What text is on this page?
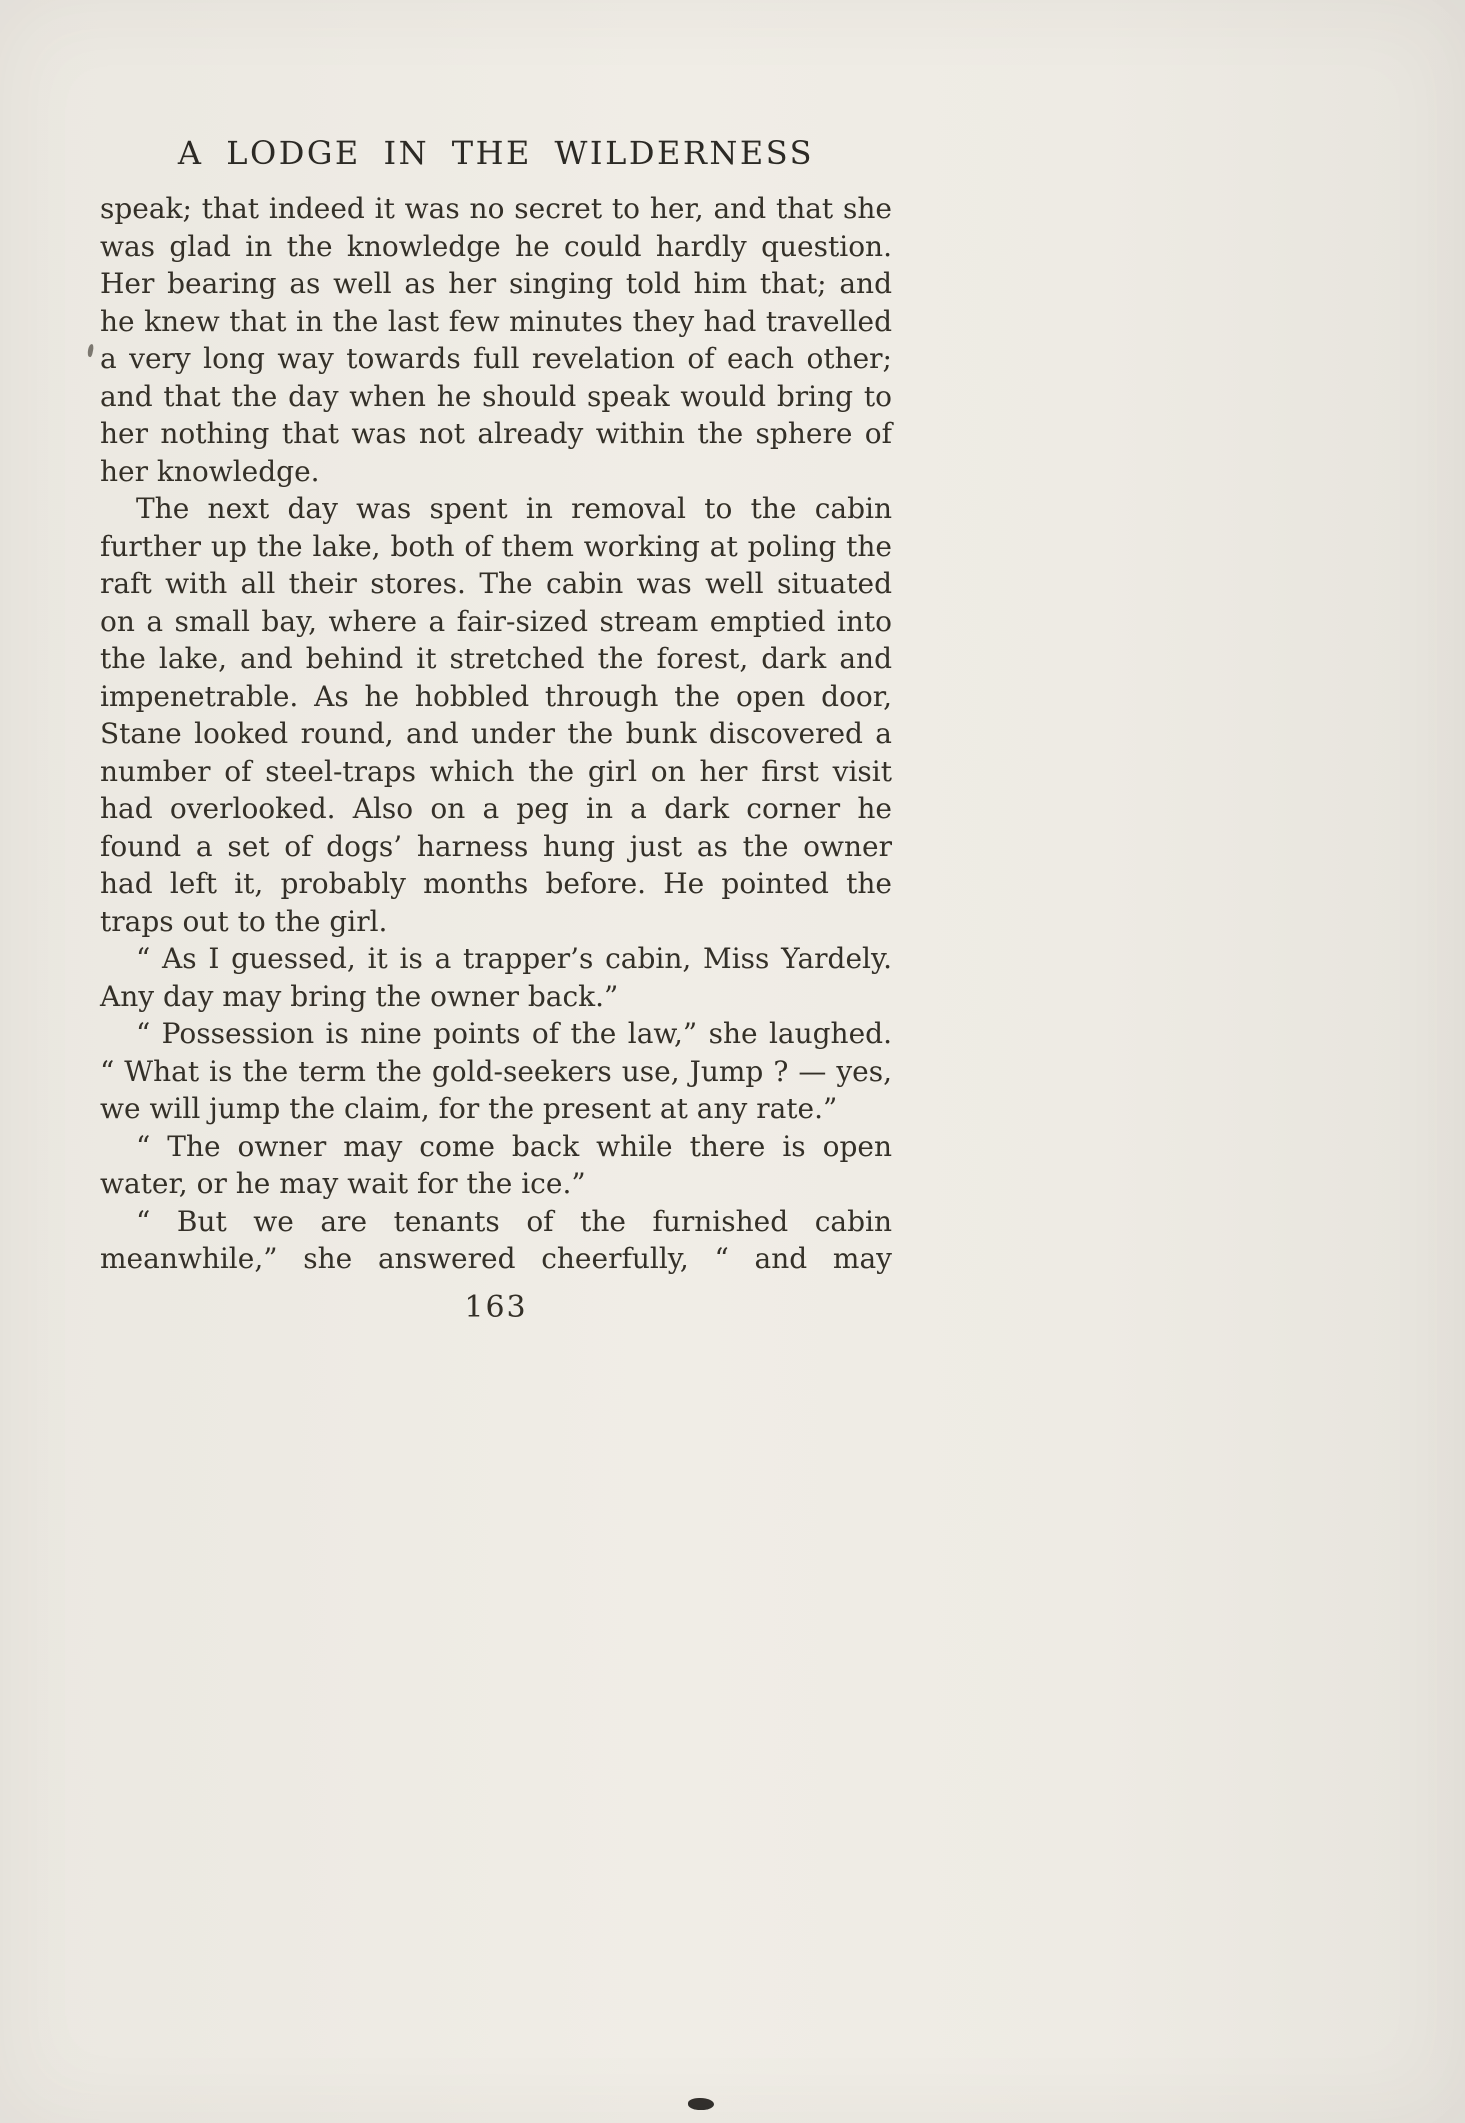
A LODGE IN THE WILDERNESS

speak; that indeed it was no secret to her, and that she was glad in the knowledge he could hardly question. Her bearing as well as her singing told him that; and he knew that in the last few minutes they had travelled a very long way towards full revelation of each other; and that the day when he should speak would bring to her nothing that was not already within the sphere of her knowledge.

The next day was spent in removal to the cabin further up the lake, both of them working at poling the raft with all their stores. The cabin was well situated on a small bay, where a fair-sized stream emptied into the lake, and behind it stretched the forest, dark and impenetrable. As he hobbled through the open door, Stane looked round, and under the bunk discovered a number of steel-traps which the girl on her first visit had overlooked. Also on a peg in a dark corner he found a set of dogs’ harness hung just as the owner had left it, probably months before. He pointed the traps out to the girl.

“ As I guessed, it is a trapper’s cabin, Miss Yardely. Any day may bring the owner back.”

“ Possession is nine points of the law,” she laughed. “ What is the term the gold-seekers use, Jump ? — yes, we will jump the claim, for the present at any rate.”

“ The owner may come back while there is open water, or he may wait for the ice.”

“ But we are tenants of the furnished cabin meanwhile,” she answered cheerfully, “ and may

163
